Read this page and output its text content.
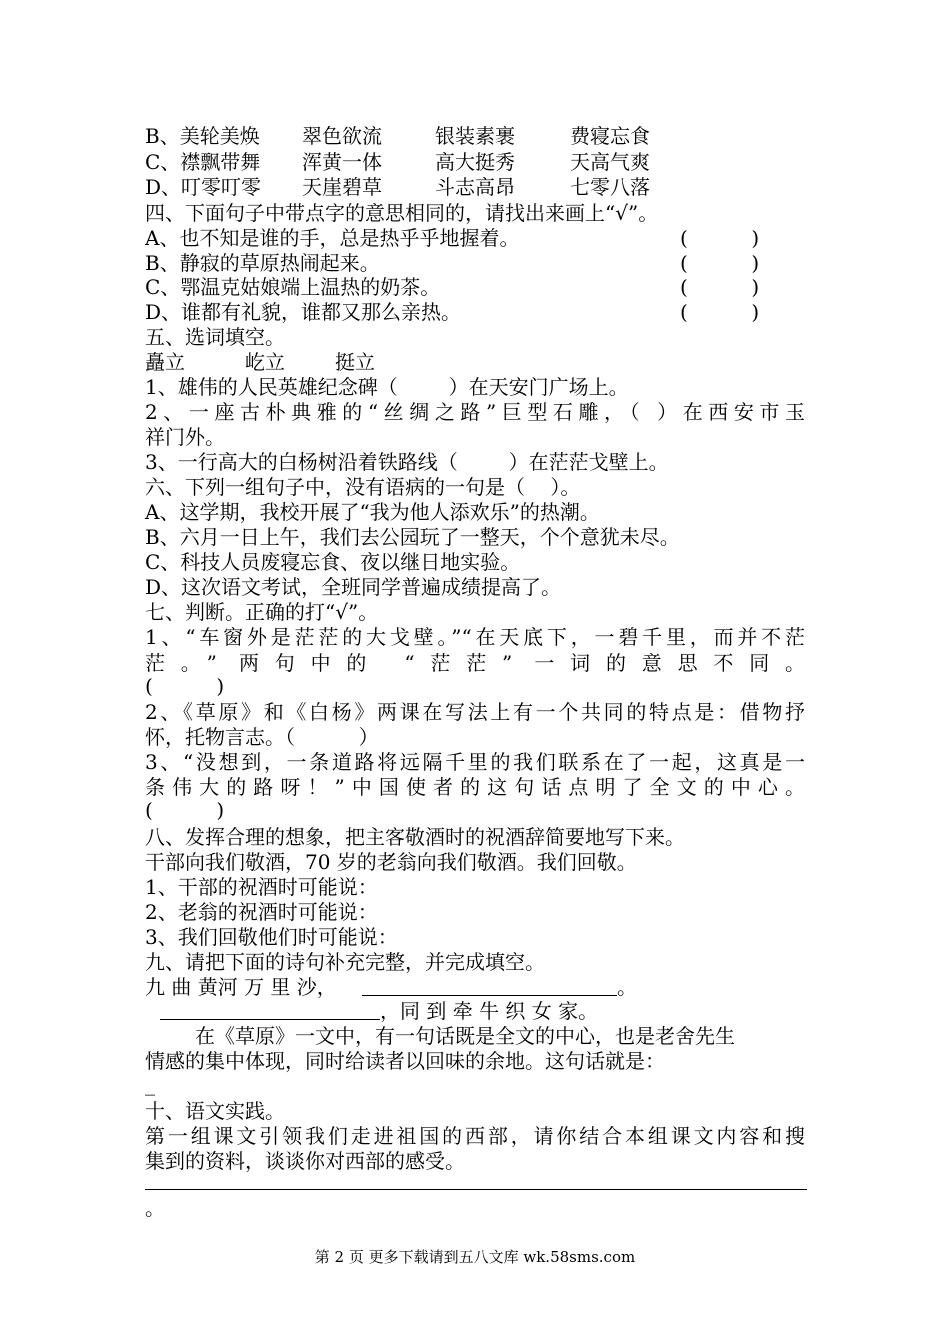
B、美轮美焕 翠色欲流	银装素裹	费寝忘食
C、襟飘带舞 浑黄一体	高大挺秀	天高气爽
D、叮零叮零 天崖碧草	斗志高昂	七零八落
四、下面句子中带点字的意思相同的，请找出来画上“√”。
A、也不知是谁的手，总是热乎乎地握着。	(          )
B、静寂的草原热闹起来。	(          )
C、鄂温克姑娘端上温热的奶茶。	(          )
D、谁都有礼貌，谁都又那么亲热。	(          )
五、选词填空。
矗立	屹立	挺立
1、雄伟的人民英雄纪念碑（        ）在天安门广场上。
2、一座古朴典雅的“丝绸之路”巨型石雕，（ ）在西安市玉
祥门外。
3、一行高大的白杨树沿着铁路线（        ）在茫茫戈壁上。
六、下列一组句子中，没有语病的一句是（    ）。
A、这学期，我校开展了“我为他人添欢乐”的热潮。
B、六月一日上午，我们去公园玩了一整天，个个意犹未尽。
C、科技人员废寝忘食、夜以继日地实验。
D、这次语文考试，全班同学普遍成绩提高了。
七、判断。正确的打“√”。
1、“车窗外是茫茫的大戈壁。”“在天底下，一碧千里，而并不茫
茫。” 两句中的 “茫茫” 一词的意思不同。
(          )
2、《草原》和《白杨》两课在写法上有一个共同的特点是：借物抒
怀，托物言志。（          ）
3、“没想到，一条道路将远隔千里的我们联系在了一起，这真是一
条伟大的路呀！”中国使者的这句话点明了全文的中心。
(          )
八、发挥合理的想象，把主客敬酒时的祝酒辞简要地写下来。
干部向我们敬酒，70 岁的老翁向我们敬酒。我们回敬。
1、干部的祝酒时可能说：
2、老翁的祝酒时可能说：
3、我们回敬他们时可能说：
九、请把下面的诗句补充完整，并完成填空。
九 曲 黄河 万 里 沙，	。
，同 到 牵 牛 织 女 家。
在《草原》一文中，有一句话既是全文的中心，也是老舍先生
情感的集中体现，同时给读者以回味的余地。这句话就是：
_
十、语文实践。
第一组课文引领我们走进祖国的西部，请你结合本组课文内容和搜
集到的资料，谈谈你对西部的感受。
。
第 2 页 更多下载请到五八文库 wk.58sms.com
